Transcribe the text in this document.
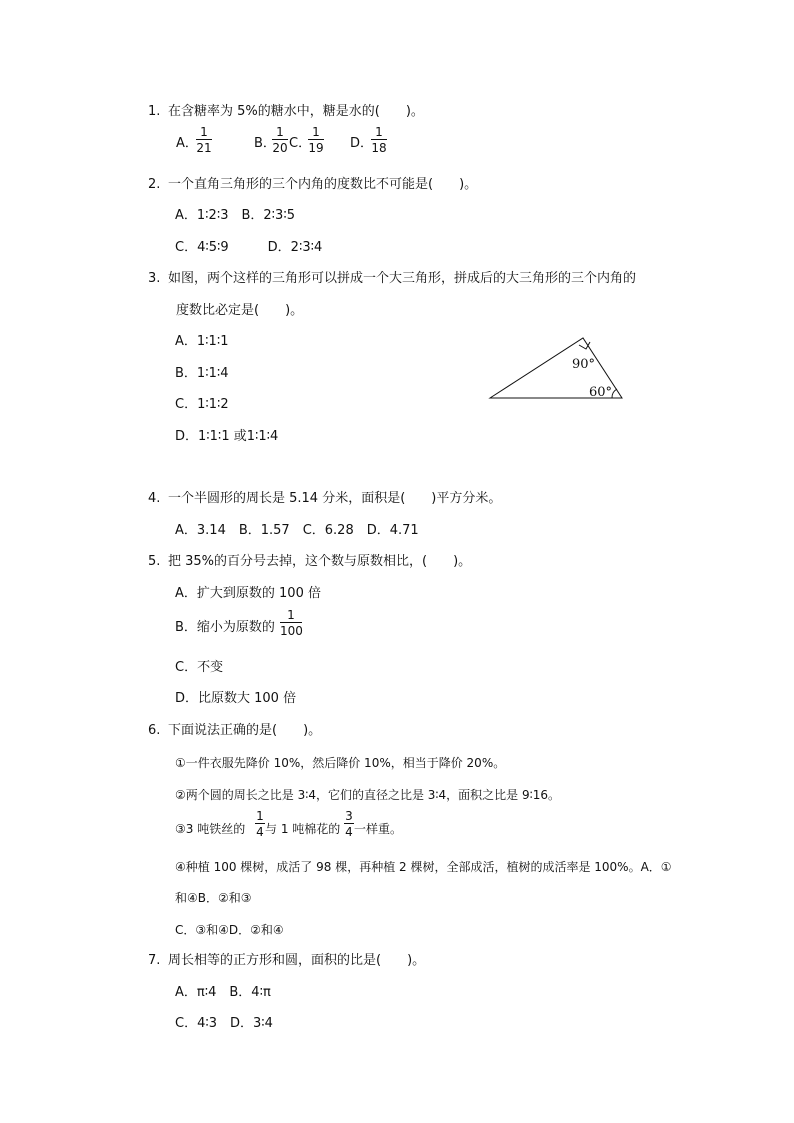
1. 在含糖率为 5%的糖水中，糖是水的(　　)。
A．
$\frac{1}{21}$	B．
$\frac{1}{20}$ C．
$\frac{1}{19}$ D．
$\frac{1}{18}$
2. 一个直角三角形的三个内角的度数比不可能是(　　)。
A．1∶2∶3　B．2∶3∶5
C．4∶5∶9　　　D．2∶3∶4
3. 如图，两个这样的三角形可以拼成一个大三角形，拼成后的大三角形的三个内角的
度数比必定是(　　)。
A．1∶1∶1
B．1∶1∶4
C．1∶1∶2
D．1∶1∶1 或1∶1∶4
90°
60°
4. 一个半圆形的周长是 5.14 分米，面积是(　　)平方分米。
A．3.14　B．1.57　C．6.28　D．4.71
5. 把 35%的百分号去掉，这个数与原数相比，(　　)。
A．扩大到原数的 100 倍
B．缩小为原数的 $\frac{1}{100}$
C．不变
D．比原数大 100 倍
6. 下面说法正确的是(　　)。
①一件衣服先降价 10%，然后降价 10%，相当于降价 20%。
②两个圆的周长之比是 3∶4，它们的直径之比是 3∶4，面积之比是 9∶16。
③3 吨铁丝的 $\frac{1}{4}$ 与 1 吨棉花的 $\frac{3}{4}$ 一样重。
④种植 100 棵树，成活了 98 棵，再种植 2 棵树，全部成活，植树的成活率是 100%。A．①
和④B．②和③
C．③和④D．②和④
7. 周长相等的正方形和圆，面积的比是(　　)。
A．π∶4　B．4∶π
C．4∶3　D．3∶4
